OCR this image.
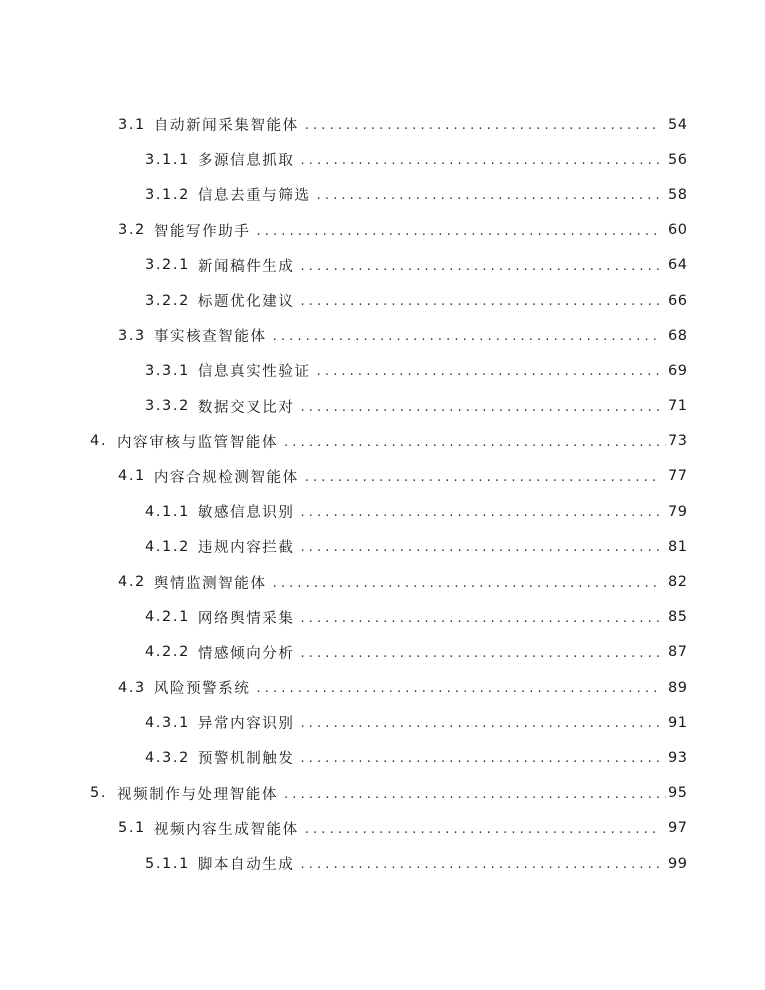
3.1 自动新闻采集智能体 . . .	54
3.1.1 多源信息抓取 . . .	56
3.1.2 信息去重与筛选 . . .	58
3.2 智能写作助手 . . .	60
3.2.1 新闻稿件生成 . . .	64
3.2.2 标题优化建议 . . .	66
3.3 事实核查智能体 . . .	68
3.3.1 信息真实性验证 . . .	69
3.3.2 数据交叉比对 . . .	71
4. 内容审核与监管智能体 . . .	73
4.1 内容合规检测智能体 . . .	77
4.1.1 敏感信息识别 . . .	79
4.1.2 违规内容拦截 . . .	81
4.2 舆情监测智能体 . . .	82
4.2.1 网络舆情采集 . . .	85
4.2.2 情感倾向分析 . . .	87
4.3 风险预警系统 . . .	89
4.3.1 异常内容识别 . . .	91
4.3.2 预警机制触发 . . .	93
5. 视频制作与处理智能体 . . .	95
5.1 视频内容生成智能体 . . .	97
5.1.1 脚本自动生成 . . .	99
